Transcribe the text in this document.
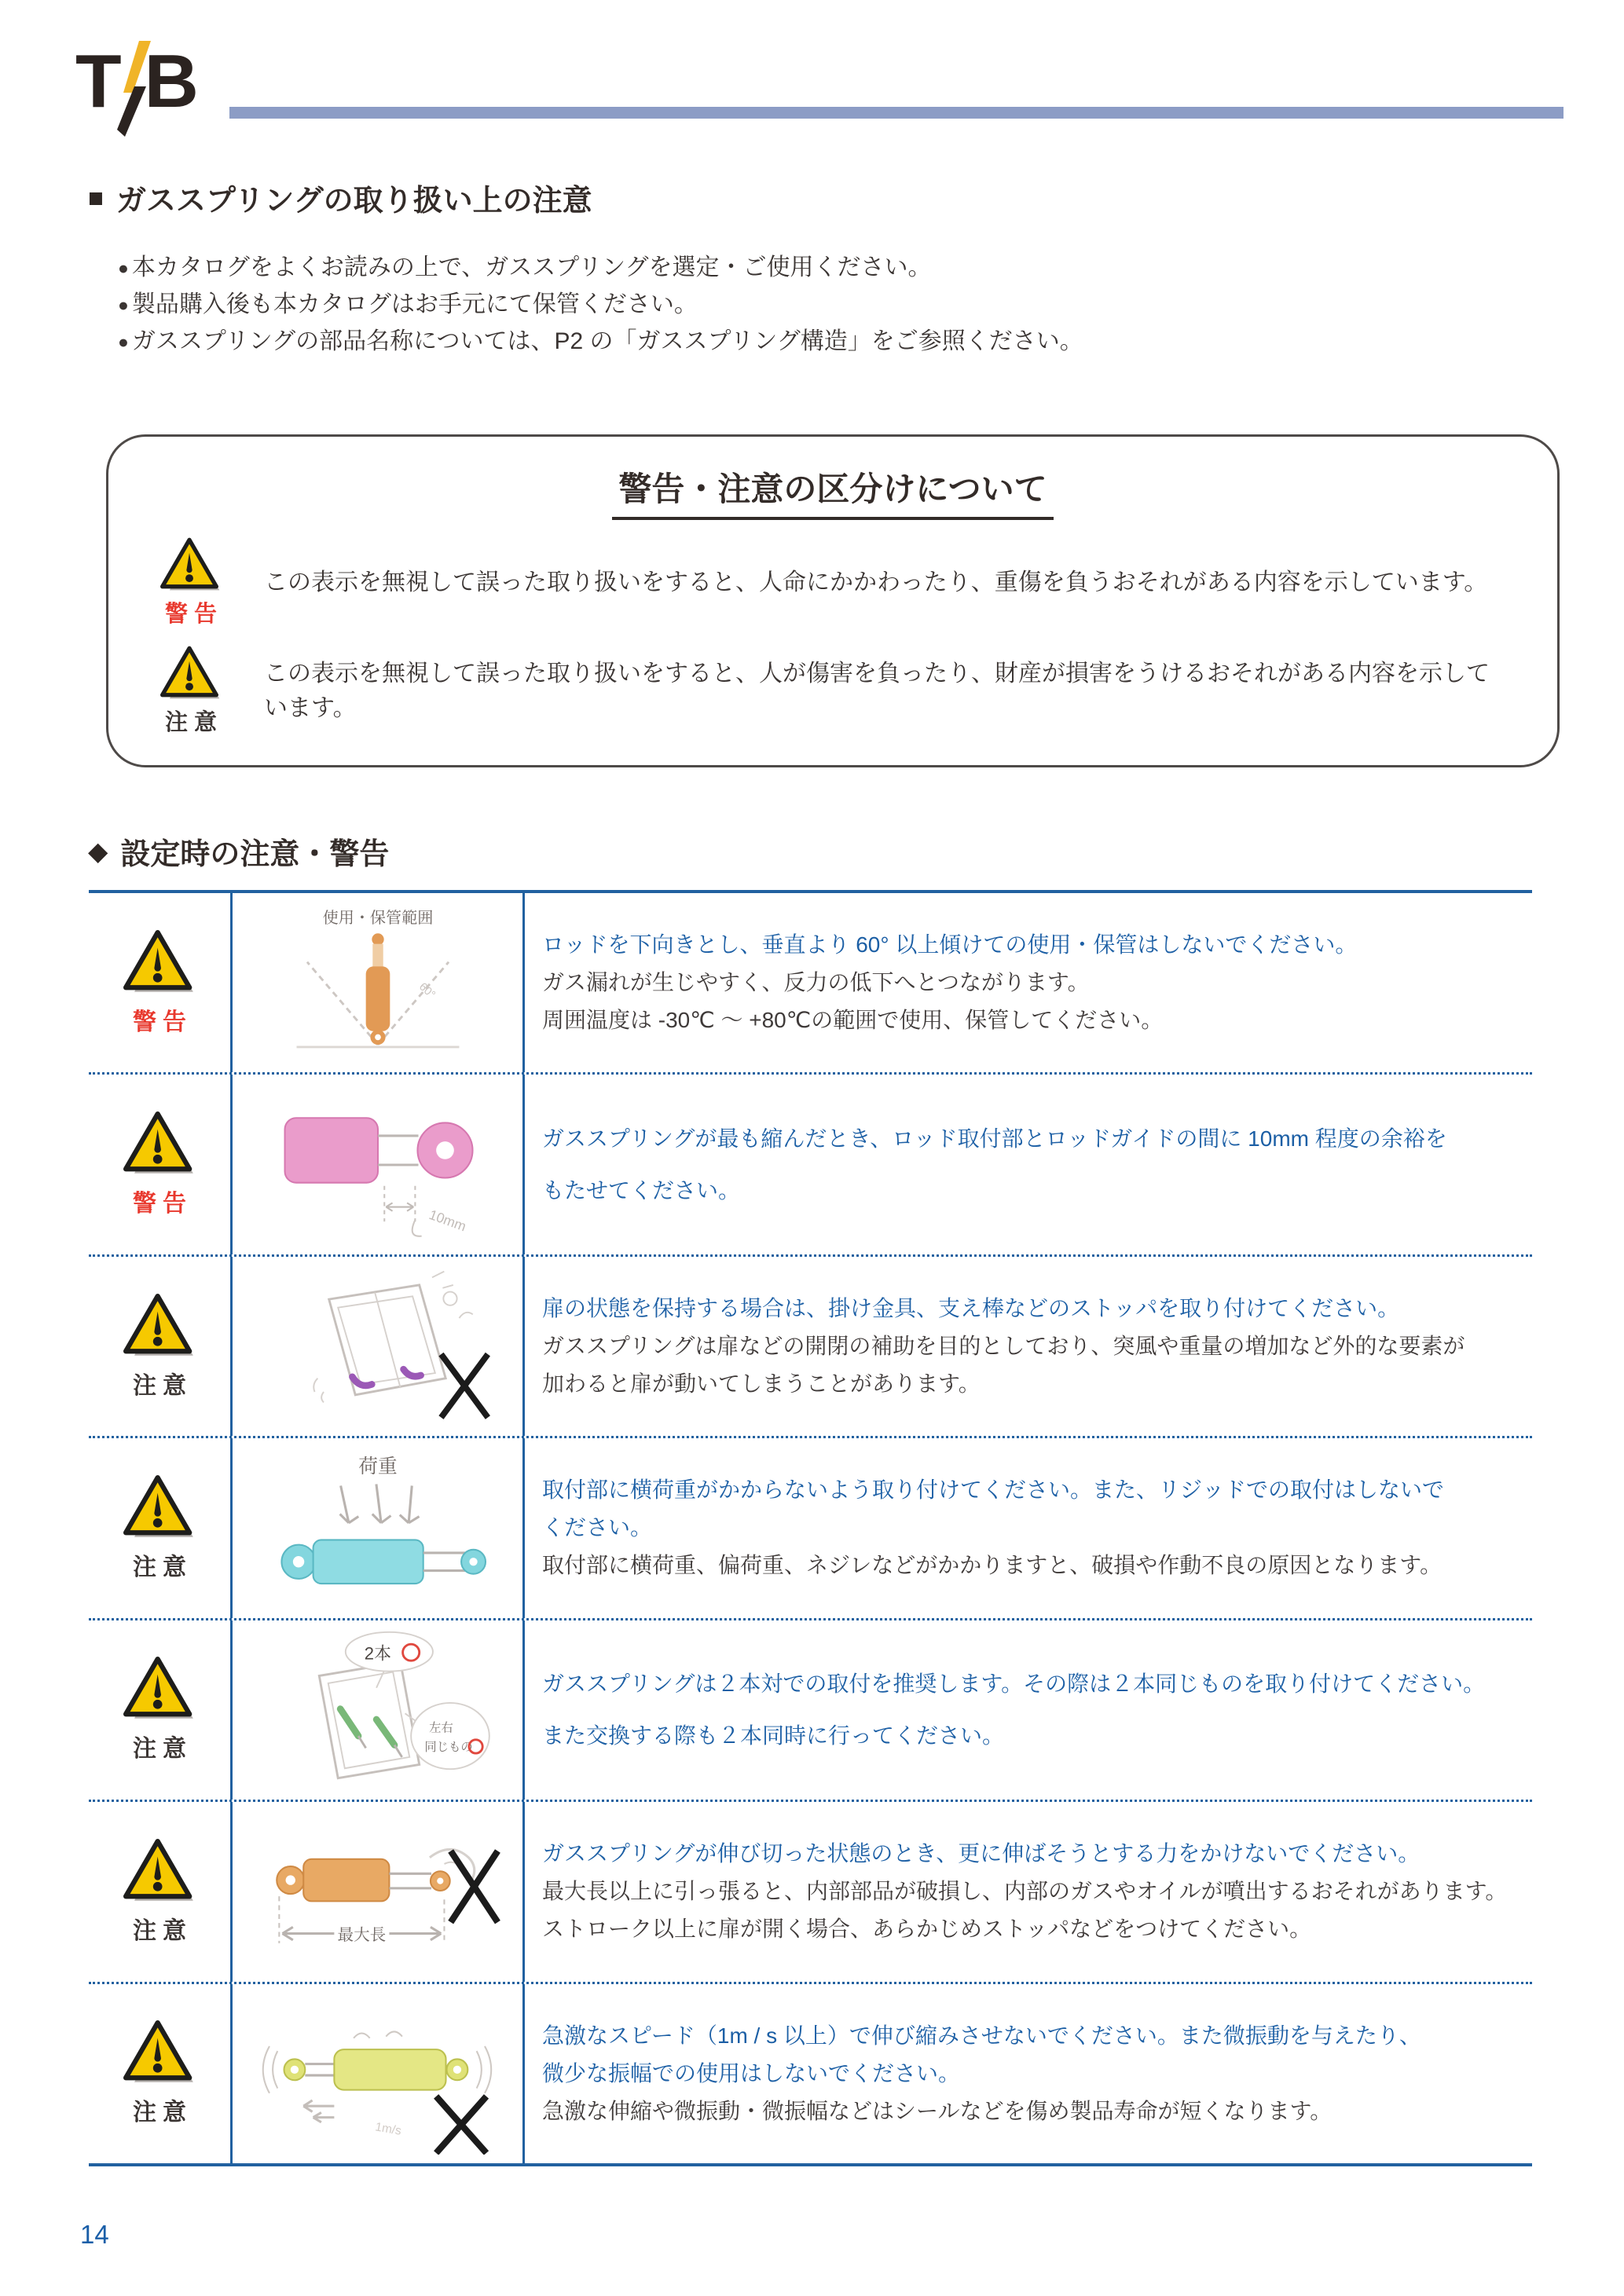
T B
■ ガススプリングの取り扱い上の注意
● 本カタログをよくお読みの上で、ガススプリングを選定・ご使用ください。
● 製品購入後も本カタログはお手元にて保管ください。
● ガススプリングの部品名称については、P2 の「ガススプリング構造」をご参照ください。
警告・注意の区分けについて
警告
この表示を無視して誤った取り扱いをすると、人命にかかわったり、重傷を負うおそれがある内容を示しています。
注意
この表示を無視して誤った取り扱いをすると、人が傷害を負ったり、財産が損害をうけるおそれがある内容を示しています。
◆ 設定時の注意・警告
警告
使用・保管範囲
60°
ロッドを下向きとし、垂直より 60° 以上傾けての使用・保管はしないでください。
ガス漏れが生じやすく、反力の低下へとつながります。
周囲温度は -30℃ ～ +80℃の範囲で使用、保管してください。
警告
10mm
ガススプリングが最も縮んだとき、ロッド取付部とロッドガイドの間に 10mm 程度の余裕を
もたせてください。
注意
扉の状態を保持する場合は、掛け金具、支え棒などのストッパを取り付けてください。
ガススプリングは扉などの開閉の補助を目的としており、突風や重量の増加など外的な要素が
加わると扉が動いてしまうことがあります。
注意
荷重
取付部に横荷重がかからないよう取り付けてください。また、リジッドでの取付はしないで
ください。
取付部に横荷重、偏荷重、ネジレなどがかかりますと、破損や作動不良の原因となります。
注意
2本
左右
同じもの
ガススプリングは２本対での取付を推奨します。その際は２本同じものを取り付けてください。
また交換する際も２本同時に行ってください。
注意	最大長
ガススプリングが伸び切った状態のとき、更に伸ばそうとする力をかけないでください。
最大長以上に引っ張ると、内部部品が破損し、内部のガスやオイルが噴出するおそれがあります。
ストローク以上に扉が開く場合、あらかじめストッパなどをつけてください。
注意
1m/s
急激なスピード（1m / s 以上）で伸び縮みさせないでください。また微振動を与えたり、
微少な振幅での使用はしないでください。
急激な伸縮や微振動・微振幅などはシールなどを傷め製品寿命が短くなります。
14
